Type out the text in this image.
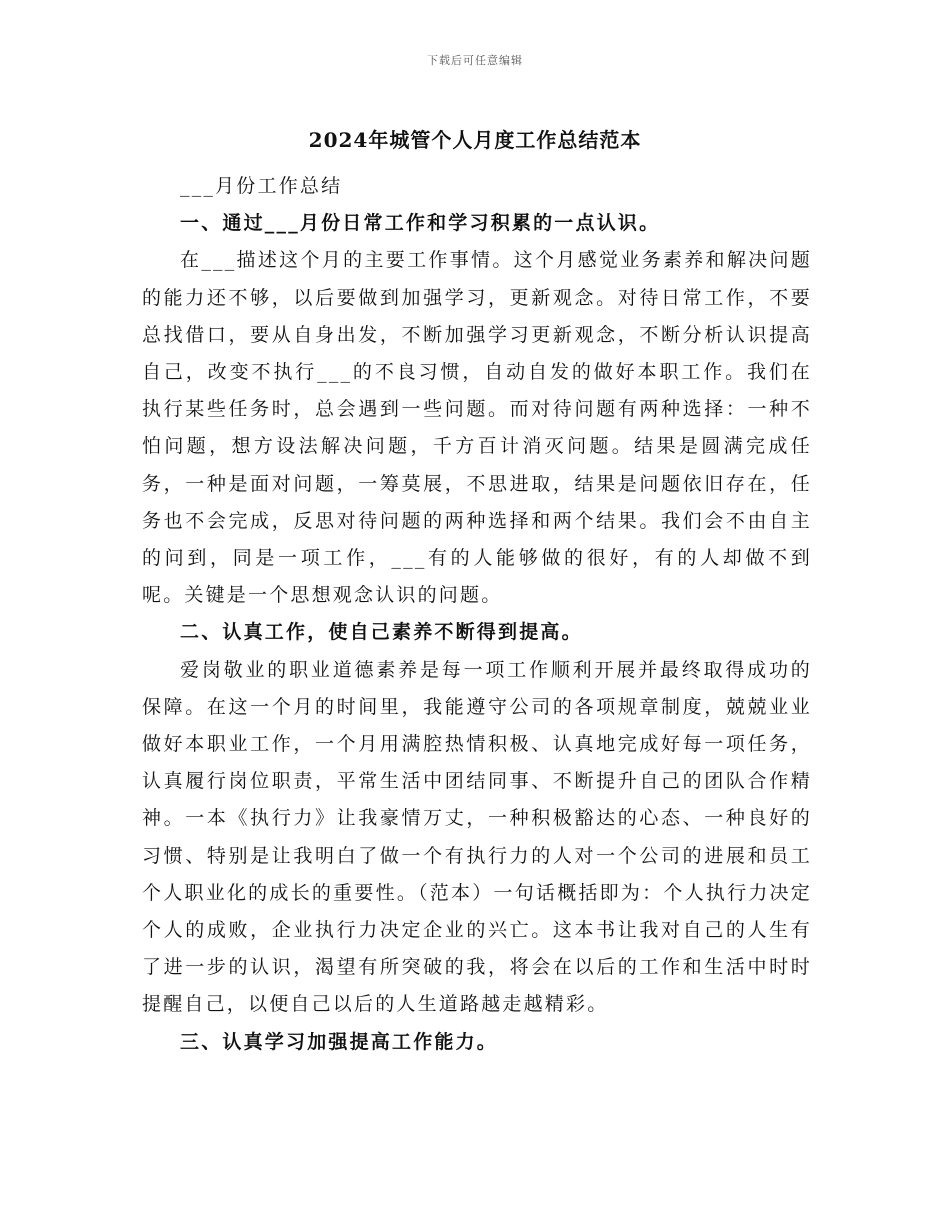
下载后可任意编辑
2024年城管个人月度工作总结范本

___月份工作总结

一、通过___月份日常工作和学习积累的一点认识。

在___描述这个月的主要工作事情。这个月感觉业务素养和解决问题的能力还不够，以后要做到加强学习，更新观念。对待日常工作，不要总找借口，要从自身出发，不断加强学习更新观念，不断分析认识提高自己，改变不执行___的不良习惯，自动自发的做好本职工作。我们在执行某些任务时，总会遇到一些问题。而对待问题有两种选择：一种不怕问题，想方设法解决问题，千方百计消灭问题。结果是圆满完成任务，一种是面对问题，一筹莫展，不思进取，结果是问题依旧存在，任务也不会完成，反思对待问题的两种选择和两个结果。我们会不由自主的问到，同是一项工作，___有的人能够做的很好，有的人却做不到呢。关键是一个思想观念认识的问题。

二、认真工作，使自己素养不断得到提高。

爱岗敬业的职业道德素养是每一项工作顺利开展并最终取得成功的保障。在这一个月的时间里，我能遵守公司的各项规章制度，兢兢业业做好本职业工作，一个月用满腔热情积极、认真地完成好每一项任务，认真履行岗位职责，平常生活中团结同事、不断提升自己的团队合作精神。一本《执行力》让我豪情万丈，一种积极豁达的心态、一种良好的习惯、特别是让我明白了做一个有执行力的人对一个公司的进展和员工个人职业化的成长的重要性。（范本）一句话概括即为：个人执行力决定个人的成败，企业执行力决定企业的兴亡。这本书让我对自己的人生有了进一步的认识，渴望有所突破的我，将会在以后的工作和生活中时时提醒自己，以便自己以后的人生道路越走越精彩。

三、认真学习加强提高工作能力。
